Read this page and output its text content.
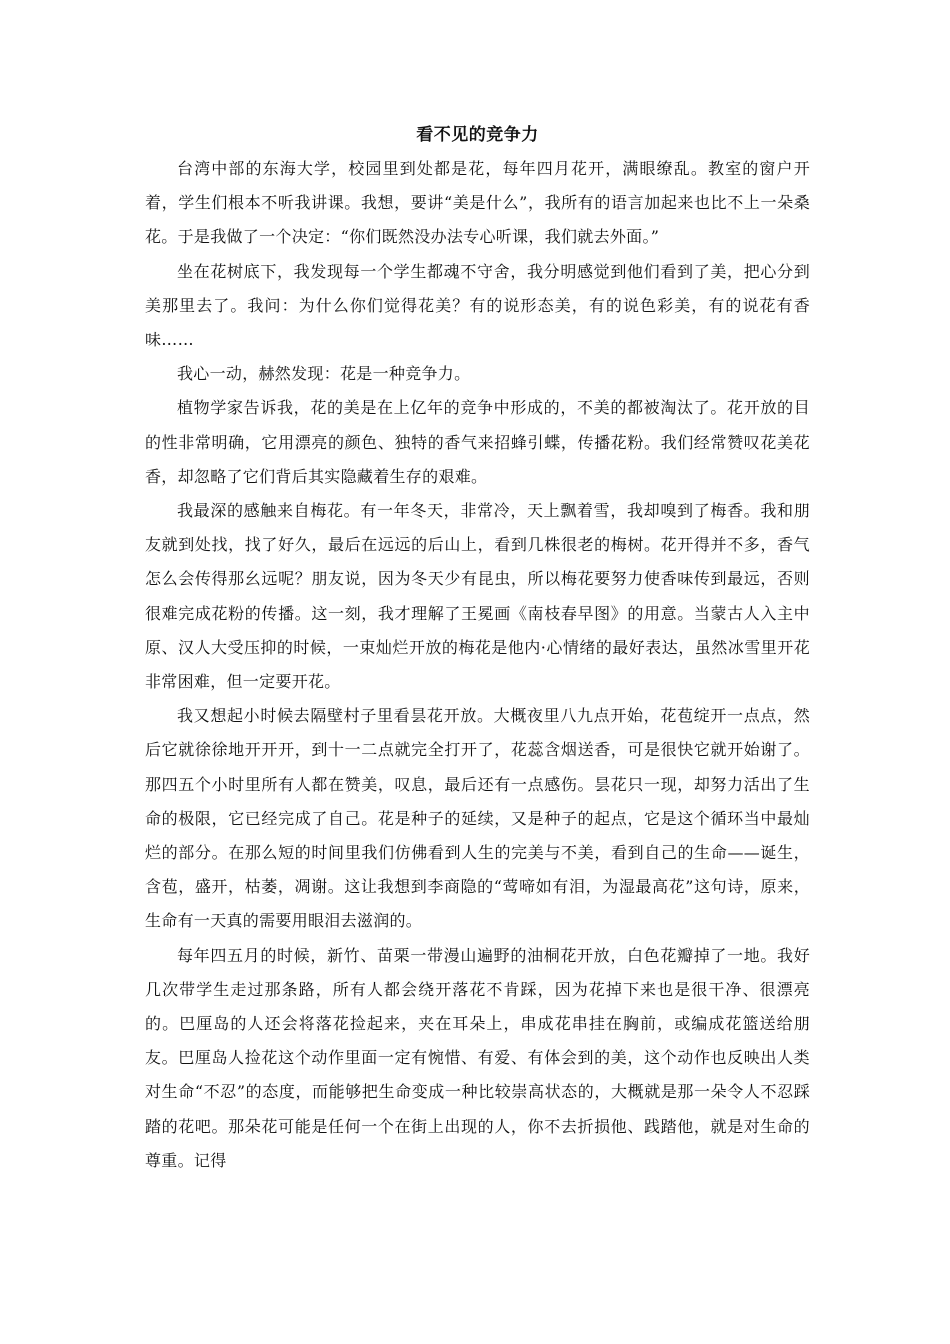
看不见的竞争力

台湾中部的东海大学，校园里到处都是花，每年四月花开，满眼缭乱。教室的窗户开着，学生们根本不听我讲课。我想，要讲“美是什么”，我所有的语言加起来也比不上一朵桑花。于是我做了一个决定：“你们既然没办法专心听课，我们就去外面。”

坐在花树底下，我发现每一个学生都魂不守舍，我分明感觉到他们看到了美，把心分到美那里去了。我问：为什么你们觉得花美？有的说形态美，有的说色彩美，有的说花有香味……

我心一动，赫然发现：花是一种竞争力。

植物学家告诉我，花的美是在上亿年的竞争中形成的，不美的都被淘汰了。花开放的目的性非常明确，它用漂亮的颜色、独特的香气来招蜂引蝶，传播花粉。我们经常赞叹花美花香，却忽略了它们背后其实隐藏着生存的艰难。

我最深的感触来自梅花。有一年冬天，非常冷，天上飘着雪，我却嗅到了梅香。我和朋友就到处找，找了好久，最后在远远的后山上，看到几株很老的梅树。花开得并不多，香气怎么会传得那幺远呢？朋友说，因为冬天少有昆虫，所以梅花要努力使香味传到最远，否则很难完成花粉的传播。这一刻，我才理解了王冕画《南枝春早图》的用意。当蒙古人入主中原、汉人大受压抑的时候，一束灿烂开放的梅花是他内·心情绪的最好表达，虽然冰雪里开花非常困难，但一定要开花。

我又想起小时候去隔壁村子里看昙花开放。大概夜里八九点开始，花苞绽开一点点，然后它就徐徐地开开开，到十一二点就完全打开了，花蕊含烟送香，可是很快它就开始谢了。那四五个小时里所有人都在赞美，叹息，最后还有一点感伤。昙花只一现，却努力活出了生命的极限，它已经完成了自己。花是种子的延续，又是种子的起点，它是这个循环当中最灿烂的部分。在那么短的时间里我们仿佛看到人生的完美与不美，看到自己的生命——诞生，含苞，盛开，枯萎，凋谢。这让我想到李商隐的“莺啼如有泪，为湿最高花”这句诗，原来，生命有一天真的需要用眼泪去滋润的。

每年四五月的时候，新竹、苗栗一带漫山遍野的油桐花开放，白色花瓣掉了一地。我好几次带学生走过那条路，所有人都会绕开落花不肯踩，因为花掉下来也是很干净、很漂亮的。巴厘岛的人还会将落花捡起来，夹在耳朵上，串成花串挂在胸前，或编成花篮送给朋友。巴厘岛人捡花这个动作里面一定有惋惜、有爱、有体会到的美，这个动作也反映出人类对生命“不忍”的态度，而能够把生命变成一种比较崇高状态的，大概就是那一朵令人不忍踩踏的花吧。那朵花可能是任何一个在街上出现的人，你不去折损他、践踏他，就是对生命的尊重。记得
